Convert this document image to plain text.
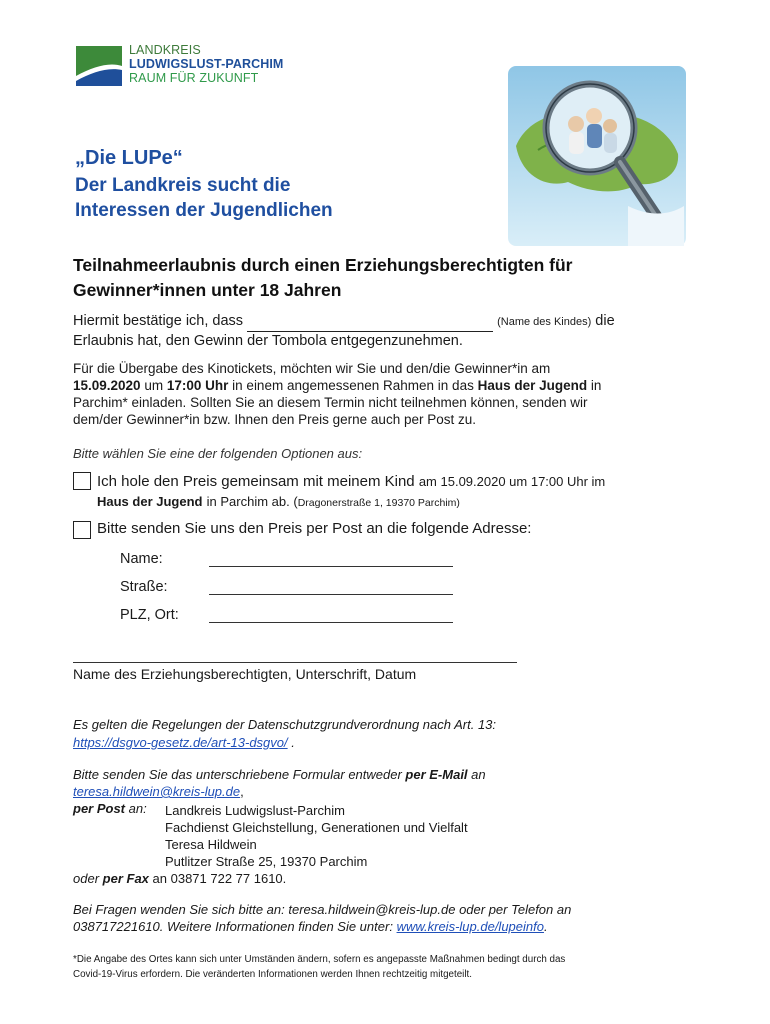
LANDKREIS
LUDWIGSLUST-PARCHIM
RAUM FÜR ZUKUNFT
„Die LUPe“
Der Landkreis sucht die
Interessen der Jugendlichen
Teilnahmeerlaubnis durch einen Erziehungsberechtigten für
Gewinner*innen unter 18 Jahren
Hiermit bestätige ich, dass	(Name des Kindes) die
Erlaubnis hat, den Gewinn der Tombola entgegenzunehmen.
Für die Übergabe des Kinotickets, möchten wir Sie und den/die Gewinner*in am
15.09.2020 um 17:00 Uhr in einem angemessenen Rahmen in das Haus der Jugend in
Parchim* einladen. Sollten Sie an diesem Termin nicht teilnehmen können, senden wir
dem/der Gewinner*in bzw. Ihnen den Preis gerne auch per Post zu.
Bitte wählen Sie eine der folgenden Optionen aus:
Ich hole den Preis gemeinsam mit meinem Kind am 15.09.2020 um 17:00 Uhr im
Haus der Jugend in Parchim ab. (Dragonerstraße 1, 19370 Parchim)
Bitte senden Sie uns den Preis per Post an die folgende Adresse:
Name:
Straße:
PLZ, Ort:
Name des Erziehungsberechtigten, Unterschrift, Datum
Es gelten die Regelungen der Datenschutzgrundverordnung nach Art. 13:
https://dsgvo-gesetz.de/art-13-dsgvo/ .
Bitte senden Sie das unterschriebene Formular entweder per E-Mail an
teresa.hildwein@kreis-lup.de,
per Post an:	Landkreis Ludwigslust-Parchim
Fachdienst Gleichstellung, Generationen und Vielfalt
Teresa Hildwein
Putlitzer Straße 25, 19370 Parchim
oder per Fax an 03871 722 77 1610.
Bei Fragen wenden Sie sich bitte an: teresa.hildwein@kreis-lup.de oder per Telefon an
038717221610. Weitere Informationen finden Sie unter: www.kreis-lup.de/lupeinfo.
*Die Angabe des Ortes kann sich unter Umständen ändern, sofern es angepasste Maßnahmen bedingt durch das
Covid-19-Virus erfordern. Die veränderten Informationen werden Ihnen rechtzeitig mitgeteilt.
